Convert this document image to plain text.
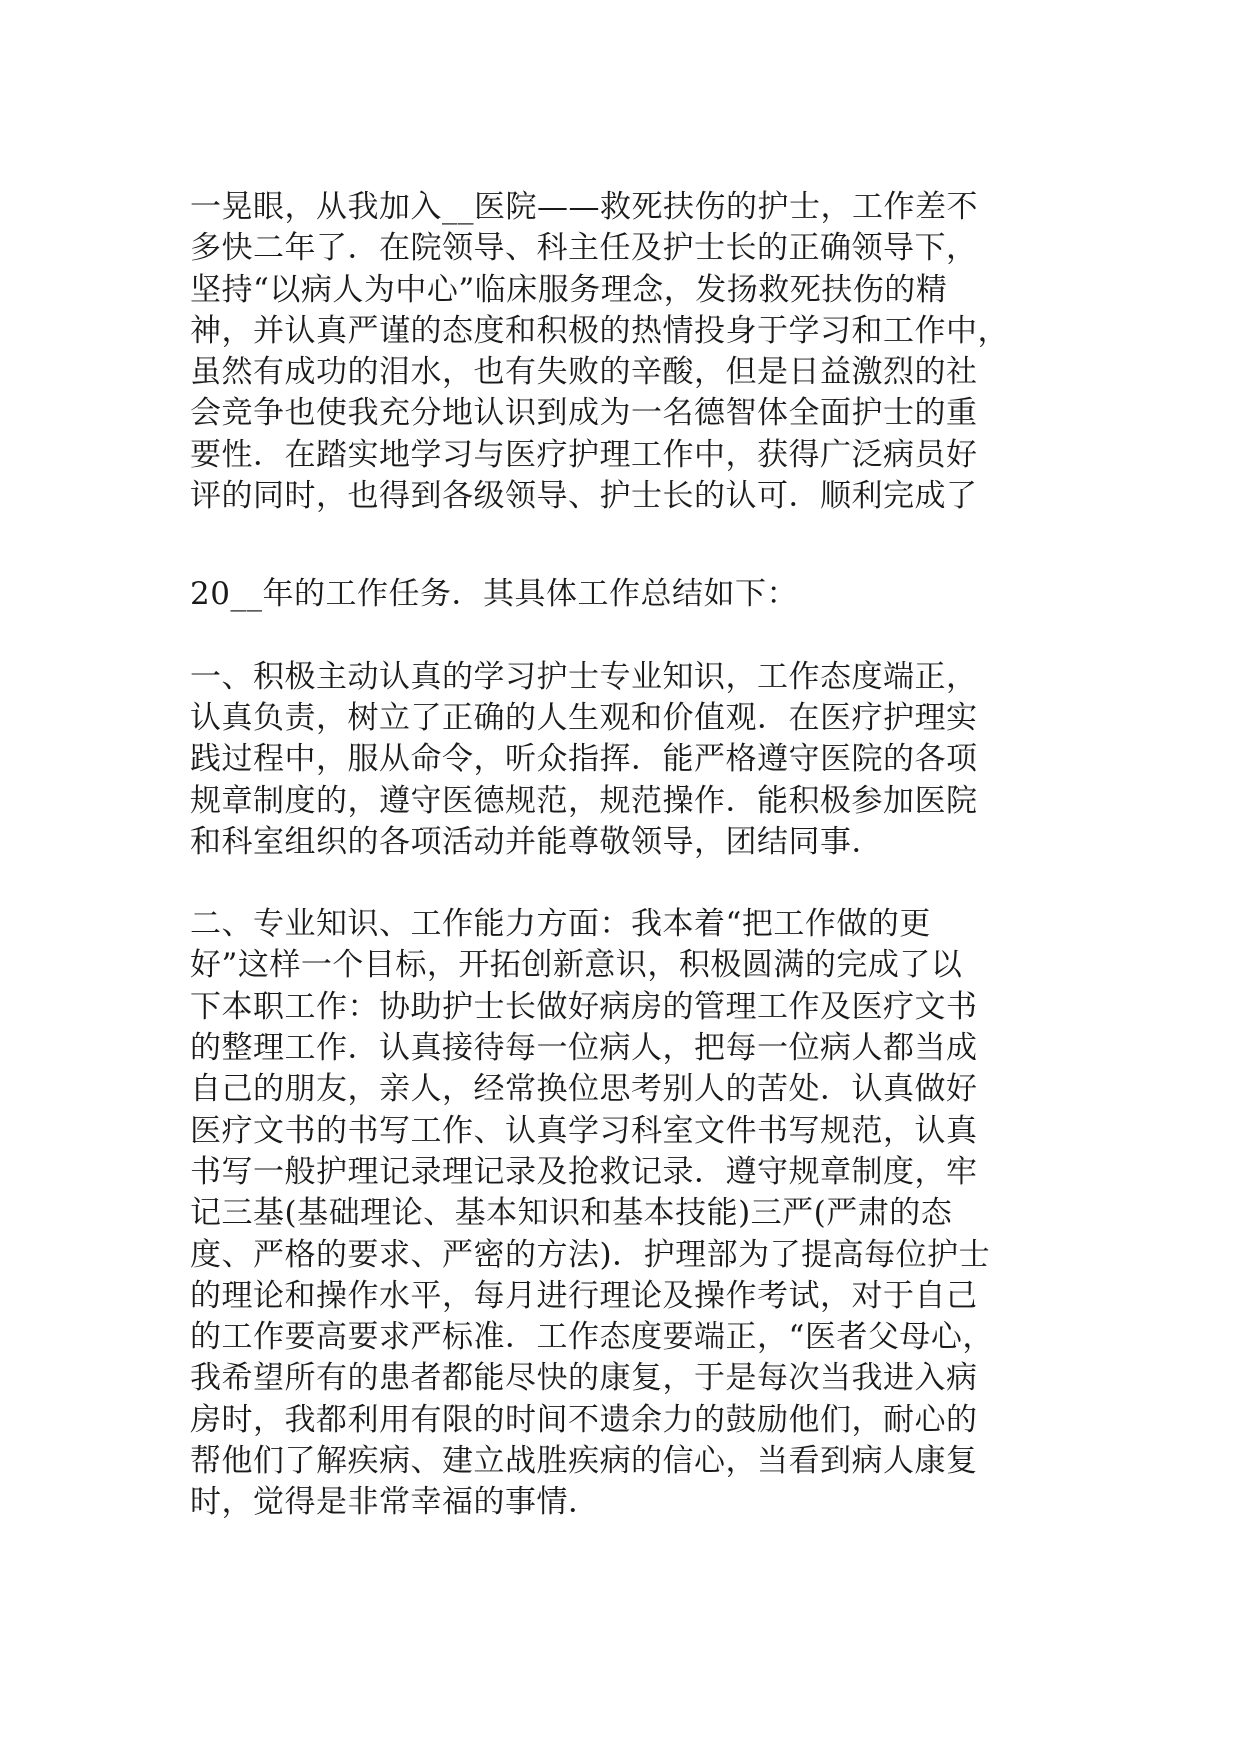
一晃眼，从我加入__医院——救死扶伤的护士，工作差不
多快二年了．在院领导、科主任及护士长的正确领导下，
坚持“以病人为中心”临床服务理念，发扬救死扶伤的精
神，并认真严谨的态度和积极的热情投身于学习和工作中，
虽然有成功的泪水，也有失败的辛酸，但是日益激烈的社
会竞争也使我充分地认识到成为一名德智体全面护士的重
要性．在踏实地学习与医疗护理工作中，获得广泛病员好
评的同时，也得到各级领导、护士长的认可．顺利完成了
20__年的工作任务．其具体工作总结如下：
一、积极主动认真的学习护士专业知识，工作态度端正，
认真负责，树立了正确的人生观和价值观．在医疗护理实
践过程中，服从命令，听众指挥．能严格遵守医院的各项
规章制度的，遵守医德规范，规范操作．能积极参加医院
和科室组织的各项活动并能尊敬领导，团结同事．
二、专业知识、工作能力方面：我本着“把工作做的更
好”这样一个目标，开拓创新意识，积极圆满的完成了以
下本职工作：协助护士长做好病房的管理工作及医疗文书
的整理工作．认真接待每一位病人，把每一位病人都当成
自己的朋友，亲人，经常换位思考别人的苦处．认真做好
医疗文书的书写工作、认真学习科室文件书写规范，认真
书写一般护理记录理记录及抢救记录．遵守规章制度，牢
记三基(基础理论、基本知识和基本技能)三严(严肃的态
度、严格的要求、严密的方法)．护理部为了提高每位护士
的理论和操作水平，每月进行理论及操作考试，对于自己
的工作要高要求严标准．工作态度要端正，“医者父母心，
我希望所有的患者都能尽快的康复，于是每次当我进入病
房时，我都利用有限的时间不遗余力的鼓励他们，耐心的
帮他们了解疾病、建立战胜疾病的信心，当看到病人康复
时，觉得是非常幸福的事情．
